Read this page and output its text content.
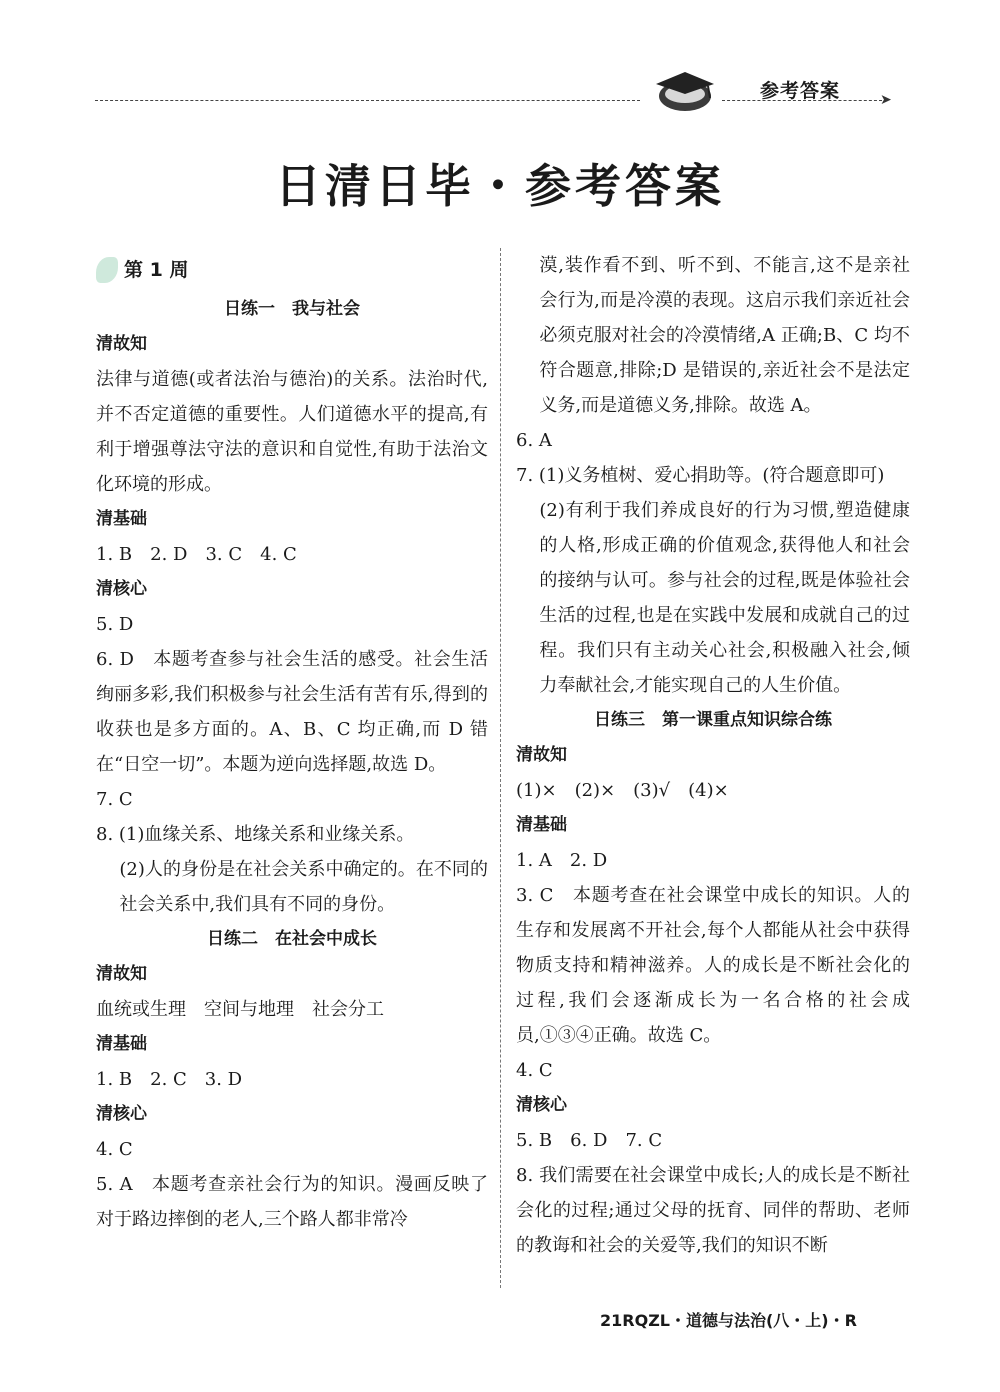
➤
参考答案
日清日毕・参考答案
第 1 周

日练一　我与社会

清故知

法律与道德(或者法治与德治)的关系。法治时代,并不否定道德的重要性。人们道德水平的提高,有利于增强尊法守法的意识和自觉性,有助于法治文化环境的形成。

清基础

1. B　2. D　3. C　4. C

清核心

5. D

6. D　本题考查参与社会生活的感受。社会生活绚丽多彩,我们积极参与社会生活有苦有乐,得到的收获也是多方面的。A、B、C 均正确,而 D 错在“日空一切”。本题为逆向选择题,故选 D。

7. C

8. (1)血缘关系、地缘关系和业缘关系。

(2)人的身份是在社会关系中确定的。在不同的社会关系中,我们具有不同的身份。

日练二　在社会中成长

清故知

血统或生理　空间与地理　社会分工

清基础

1. B　2. C　3. D

清核心

4. C

5. A　本题考查亲社会行为的知识。漫画反映了对于路边摔倒的老人,三个路人都非常冷

漠,装作看不到、听不到、不能言,这不是亲社会行为,而是冷漠的表现。这启示我们亲近社会必须克服对社会的冷漠情绪,A 正确;B、C 均不符合题意,排除;D 是错误的,亲近社会不是法定义务,而是道德义务,排除。故选 A。

6. A

7. (1)义务植树、爱心捐助等。(符合题意即可)

(2)有利于我们养成良好的行为习惯,塑造健康的人格,形成正确的价值观念,获得他人和社会的接纳与认可。参与社会的过程,既是体验社会生活的过程,也是在实践中发展和成就自己的过程。我们只有主动关心社会,积极融入社会,倾力奉献社会,才能实现自己的人生价值。

日练三　第一课重点知识综合练

清故知

(1)×　(2)×　(3)√　(4)×

清基础

1. A　2. D

3. C　本题考查在社会课堂中成长的知识。人的生存和发展离不开社会,每个人都能从社会中获得物质支持和精神滋养。人的成长是不断社会化的过程,我们会逐渐成长为一名合格的社会成员,①③④正确。故选 C。

4. C

清核心

5. B　6. D　7. C

8. 我们需要在社会课堂中成长;人的成长是不断社会化的过程;通过父母的抚育、同伴的帮助、老师的教诲和社会的关爱等,我们的知识不断

21RQZL・道德与法治(八・上)・R
